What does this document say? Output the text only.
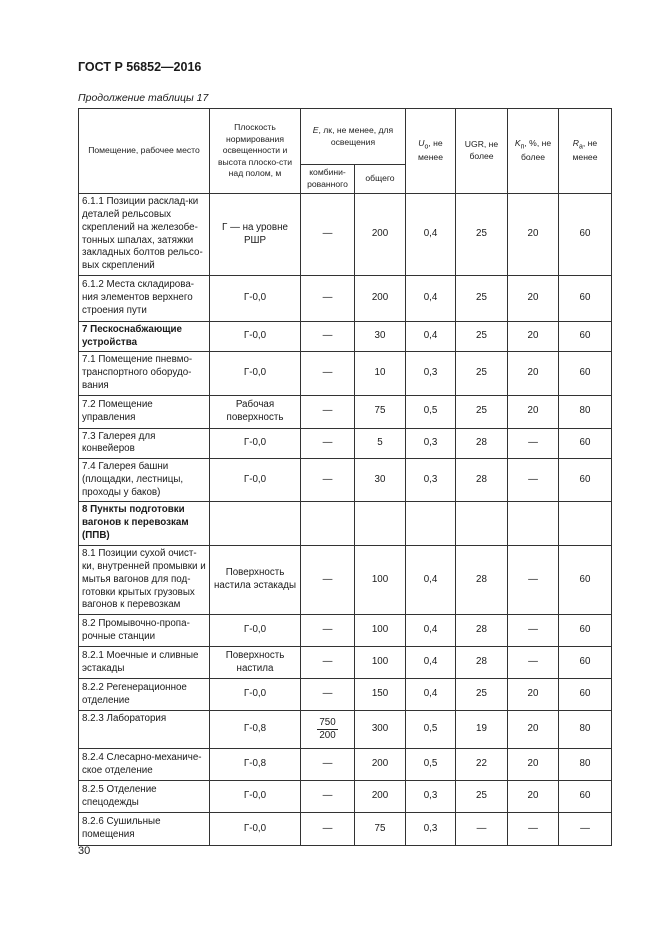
ГОСТ Р 56852—2016
Продолжение таблицы 17
Помещение, рабочее место	Плоскость нормирования освещенности и высота плоско-сти над полом, м	E, лк, не менее, для освещения		$U_o$, не менее	UGR, не более	$K_п$, %, не более	$R_a$, не менее
		комбини-рованного	общего				
6.1.1 Позиции расклад-ки деталей рельсовых скреплений на железобе-тонных шпалах, затяжки закладных болтов рельсо-вых скреплений	Г — на уровне РШР	—	200	0,4	25	20	60
6.1.2 Места складирова-ния элементов верхнего строения пути	Г-0,0	—	200	0,4	25	20	60
7 Пескоснабжающие устройства	Г-0,0	—	30	0,4	25	20	60
7.1 Помещение пневмо-транспортного оборудо-вания	Г-0,0	—	10	0,3	25	20	60
7.2 Помещение управления	Рабочая поверхность	—	75	0,5	25	20	80
7.3 Галерея для конвейеров	Г-0,0	—	5	0,3	28	—	60
7.4 Галерея башни (площадки, лестницы, проходы у баков)	Г-0,0	—	30	0,3	28	—	60
8 Пункты подготовки вагонов к перевозкам (ППВ)							
8.1 Позиции сухой очист-ки, внутренней промывки и мытья вагонов для под-готовки крытых грузовых вагонов к перевозкам	Поверхность настила эстакады	—	100	0,4	28	—	60
8.2 Промывочно-пропа-рочные станции	Г-0,0	—	100	0,4	28	—	60
8.2.1 Моечные и сливные эстакады	Поверхность настила	—	100	0,4	28	—	60
8.2.2 Регенерационное отделение	Г-0,0	—	150	0,4	25	20	60
8.2.3 Лаборатория	Г-0,8	$\frac{750}{200}$	300	0,5	19	20	80
8.2.4 Слесарно-механиче-ское отделение	Г-0,8	—	200	0,5	22	20	80
8.2.5 Отделение спецодежды	Г-0,0	—	200	0,3	25	20	60
8.2.6 Сушильные помещения	Г-0,0	—	75	0,3	—	—	—
30
